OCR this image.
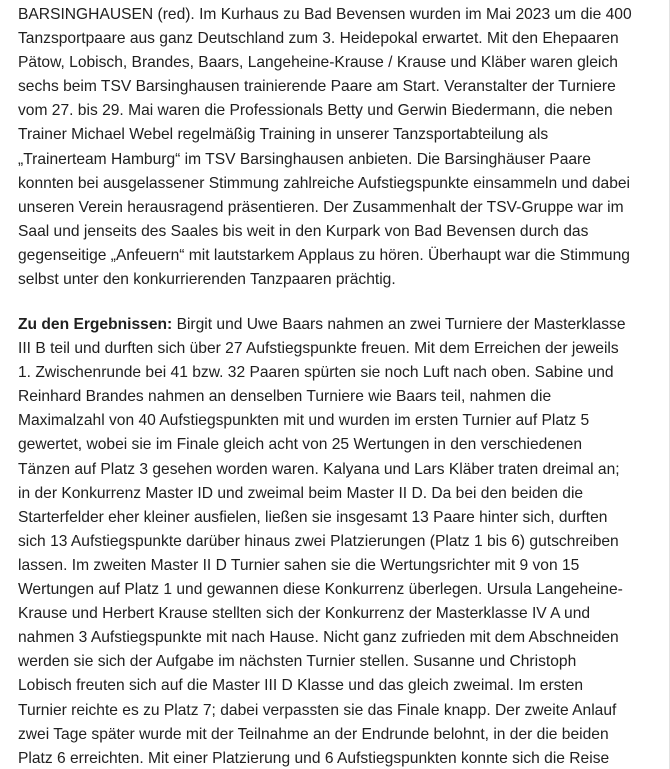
BARSINGHAUSEN (red). Im Kurhaus zu Bad Bevensen wurden im Mai 2023 um die 400
Tanzsportpaare aus ganz Deutschland zum 3. Heidepokal erwartet. Mit den Ehepaaren
Pätow, Lobisch, Brandes, Baars, Langeheine-Krause / Krause und Kläber waren gleich
sechs beim TSV Barsinghausen trainierende Paare am Start. Veranstalter der Turniere
vom 27. bis 29. Mai waren die Professionals Betty und Gerwin Biedermann, die neben
Trainer Michael Webel regelmäßig Training in unserer Tanzsportabteilung als
„Trainerteam Hamburg“ im TSV Barsinghausen anbieten. Die Barsinghäuser Paare
konnten bei ausgelassener Stimmung zahlreiche Aufstiegspunkte einsammeln und dabei
unseren Verein herausragend präsentieren. Der Zusammenhalt der TSV-Gruppe war im
Saal und jenseits des Saales bis weit in den Kurpark von Bad Bevensen durch das
gegenseitige „Anfeuern“ mit lautstarkem Applaus zu hören. Überhaupt war die Stimmung
selbst unter den konkurrierenden Tanzpaaren prächtig.

Zu den Ergebnissen: Birgit und Uwe Baars nahmen an zwei Turniere der Masterklasse
III B teil und durften sich über 27 Aufstiegspunkte freuen. Mit dem Erreichen der jeweils
1. Zwischenrunde bei 41 bzw. 32 Paaren spürten sie noch Luft nach oben. Sabine und
Reinhard Brandes nahmen an denselben Turniere wie Baars teil, nahmen die
Maximalzahl von 40 Aufstiegspunkten mit und wurden im ersten Turnier auf Platz 5
gewertet, wobei sie im Finale gleich acht von 25 Wertungen in den verschiedenen
Tänzen auf Platz 3 gesehen worden waren. Kalyana und Lars Kläber traten dreimal an;
in der Konkurrenz Master ID und zweimal beim Master II D. Da bei den beiden die
Starterfelder eher kleiner ausfielen, ließen sie insgesamt 13 Paare hinter sich, durften
sich 13 Aufstiegspunkte darüber hinaus zwei Platzierungen (Platz 1 bis 6) gutschreiben
lassen. Im zweiten Master II D Turnier sahen sie die Wertungsrichter mit 9 von 15
Wertungen auf Platz 1 und gewannen diese Konkurrenz überlegen. Ursula Langeheine-
Krause und Herbert Krause stellten sich der Konkurrenz der Masterklasse IV A und
nahmen 3 Aufstiegspunkte mit nach Hause. Nicht ganz zufrieden mit dem Abschneiden
werden sie sich der Aufgabe im nächsten Turnier stellen. Susanne und Christoph
Lobisch freuten sich auf die Master III D Klasse und das gleich zweimal. Im ersten
Turnier reichte es zu Platz 7; dabei verpassten sie das Finale knapp. Der zweite Anlauf
zwei Tage später wurde mit der Teilnahme an der Endrunde belohnt, in der die beiden
Platz 6 erreichten. Mit einer Platzierung und 6 Aufstiegspunkten konnte sich die Reise
